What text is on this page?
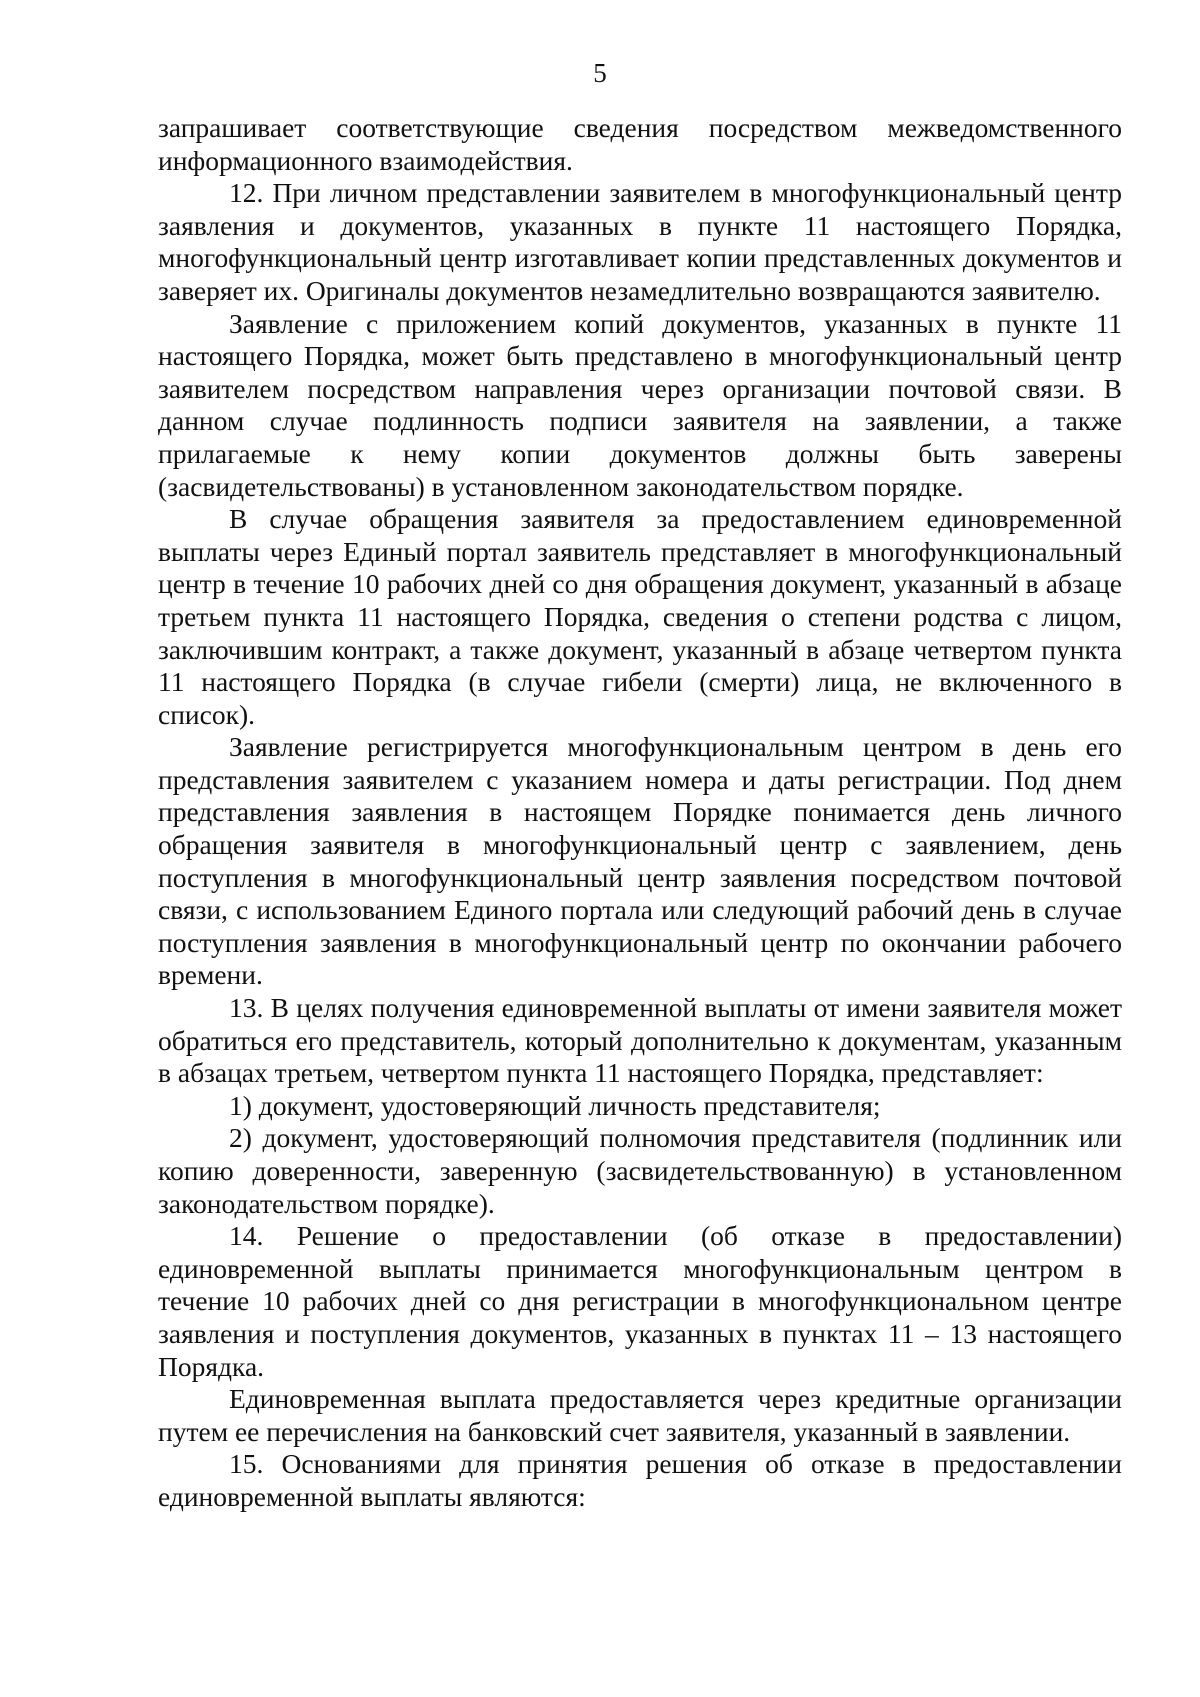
5

запрашивает соответствующие сведения посредством межведомственного информационного взаимодействия.

12. При личном представлении заявителем в многофункциональный центр заявления и документов, указанных в пункте 11 настоящего Порядка, многофункциональный центр изготавливает копии представленных документов и заверяет их. Оригиналы документов незамедлительно возвращаются заявителю.

Заявление с приложением копий документов, указанных в пункте 11 настоящего Порядка, может быть представлено в многофункциональный центр заявителем посредством направления через организации почтовой связи. В данном случае подлинность подписи заявителя на заявлении, а также прилагаемые к нему копии документов должны быть заверены (засвидетельствованы) в установленном законодательством порядке.

В случае обращения заявителя за предоставлением единовременной выплаты через Единый портал заявитель представляет в многофункциональный центр в течение 10 рабочих дней со дня обращения документ, указанный в абзаце третьем пункта 11 настоящего Порядка, сведения о степени родства с лицом, заключившим контракт, а также документ, указанный в абзаце четвертом пункта 11 настоящего Порядка (в случае гибели (смерти) лица, не включенного в список).

Заявление регистрируется многофункциональным центром в день его представления заявителем с указанием номера и даты регистрации. Под днем представления заявления в настоящем Порядке понимается день личного обращения заявителя в многофункциональный центр с заявлением, день поступления в многофункциональный центр заявления посредством почтовой связи, с использованием Единого портала или следующий рабочий день в случае поступления заявления в многофункциональный центр по окончании рабочего времени.

13. В целях получения единовременной выплаты от имени заявителя может обратиться его представитель, который дополнительно к документам, указанным в абзацах третьем, четвертом пункта 11 настоящего Порядка, представляет:

1) документ, удостоверяющий личность представителя;

2) документ, удостоверяющий полномочия представителя (подлинник или копию доверенности, заверенную (засвидетельствованную) в установленном законодательством порядке).

14. Решение о предоставлении (об отказе в предоставлении) единовременной выплаты принимается многофункциональным центром в течение 10 рабочих дней со дня регистрации в многофункциональном центре заявления и поступления документов, указанных в пунктах 11 – 13 настоящего Порядка.

Единовременная выплата предоставляется через кредитные организации путем ее перечисления на банковский счет заявителя, указанный в заявлении.

15. Основаниями для принятия решения об отказе в предоставлении единовременной выплаты являются:
